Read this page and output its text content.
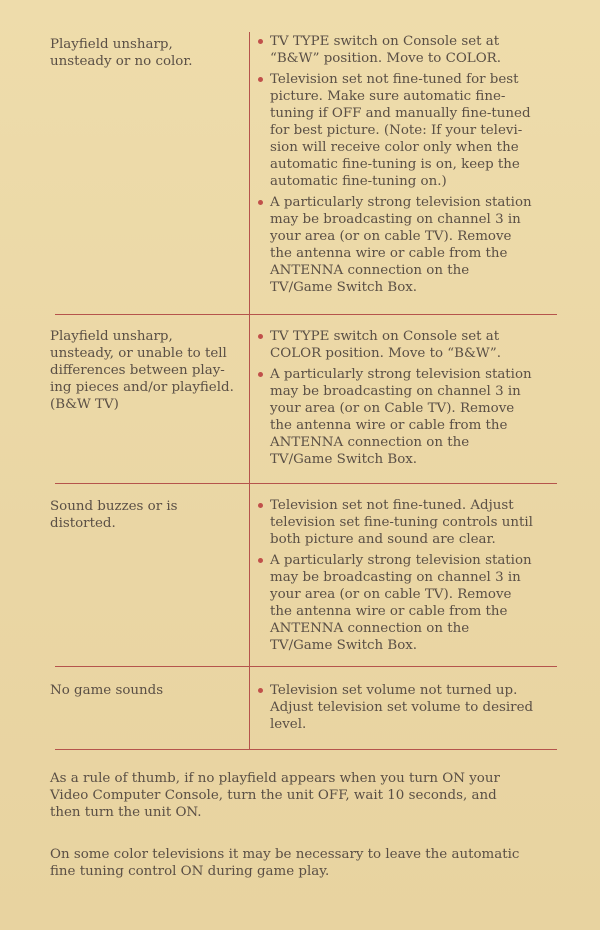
Playfield unsharp,
unsteady or no color.
TV TYPE switch on Console set at
“B&W” position. Move to COLOR.
Television set not fine-tuned for best
picture. Make sure automatic fine-
tuning if OFF and manually fine-tuned
for best picture. (Note: If your televi-
sion will receive color only when the
automatic fine-tuning is on, keep the
automatic fine-tuning on.)
A particularly strong television station
may be broadcasting on channel 3 in
your area (or on cable TV). Remove
the antenna wire or cable from the
ANTENNA connection on the
TV/Game Switch Box.
Playfield unsharp,
unsteady, or unable to tell
differences between play-
ing pieces and/or playfield.
(B&W TV)
TV TYPE switch on Console set at
COLOR position. Move to “B&W”.
A particularly strong television station
may be broadcasting on channel 3 in
your area (or on Cable TV). Remove
the antenna wire or cable from the
ANTENNA connection on the
TV/Game Switch Box.
Sound buzzes or is
distorted.
Television set not fine-tuned. Adjust
television set fine-tuning controls until
both picture and sound are clear.
A particularly strong television station
may be broadcasting on channel 3 in
your area (or on cable TV). Remove
the antenna wire or cable from the
ANTENNA connection on the
TV/Game Switch Box.
No game sounds	Television set volume not turned up.
Adjust television set volume to desired
level.
As a rule of thumb, if no playfield appears when you turn ON your
Video Computer Console, turn the unit OFF, wait 10 seconds, and
then turn the unit ON.
On some color televisions it may be necessary to leave the automatic
fine tuning control ON during game play.
